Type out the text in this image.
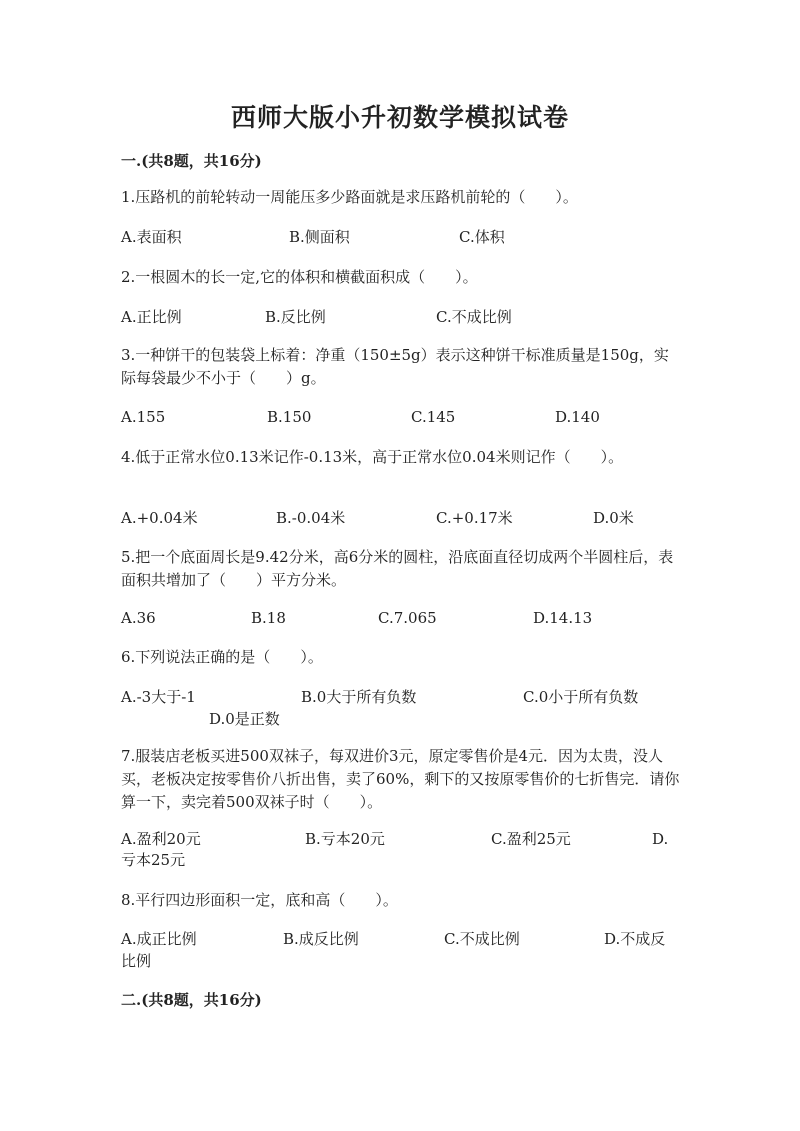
西师大版小升初数学模拟试卷
一.(共8题，共16分)
1.压路机的前轮转动一周能压多少路面就是求压路机前轮的（　　）。
A.表面积	B.侧面积	C.体积
2.一根圆木的长一定,它的体积和横截面积成（　　）。
A.正比例	B.反比例	C.不成比例
3.一种饼干的包装袋上标着：净重（150±5g）表示这种饼干标准质量是150g，实际每袋最少不小于（　　）g。
A.155	B.150	C.145	D.140
4.低于正常水位0.13米记作-0.13米，高于正常水位0.04米则记作（　　）。
A.+0.04米	B.-0.04米	C.+0.17米	D.0米
5.把一个底面周长是9.42分米，高6分米的圆柱，沿底面直径切成两个半圆柱后，表面积共增加了（　　）平方分米。
A.36	B.18	C.7.065	D.14.13
6.下列说法正确的是（　　）。
A.-3大于-1	B.0大于所有负数	C.0小于所有负数
D.0是正数
7.服装店老板买进500双袜子，每双进价3元，原定零售价是4元．因为太贵，没人买，老板决定按零售价八折出售，卖了60%，剩下的又按原零售价的七折售完．请你算一下，卖完着500双袜子时（　　）。
A.盈利20元	B.亏本20元	C.盈利25元	D.
亏本25元
8.平行四边形面积一定，底和高（　　）。
A.成正比例	B.成反比例	C.不成比例	D.不成反
比例
二.(共8题，共16分)
